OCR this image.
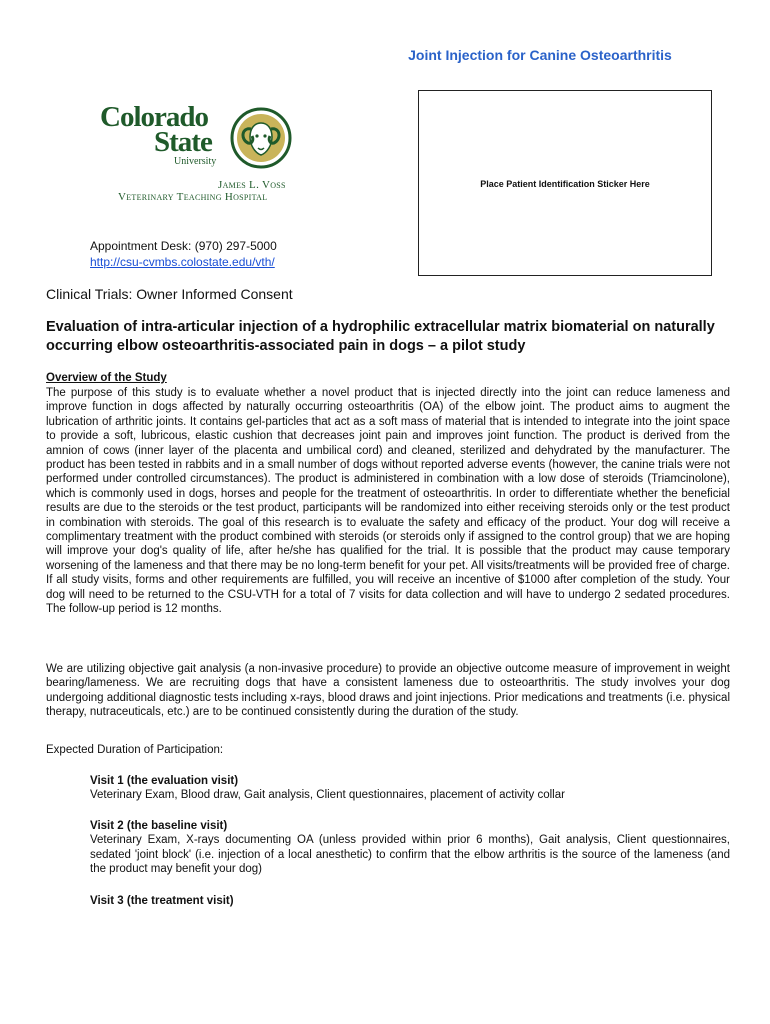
Joint Injection for Canine Osteoarthritis
Colorado
State
University
James L. Voss
Veterinary Teaching Hospital
Place Patient Identification Sticker Here
Appointment Desk: (970) 297-5000
http://csu-cvmbs.colostate.edu/vth/
Clinical Trials: Owner Informed Consent
Evaluation of intra-articular injection of a hydrophilic extracellular matrix biomaterial on naturally occurring elbow osteoarthritis-associated pain in dogs – a pilot study
Overview of the Study
The purpose of this study is to evaluate whether a novel product that is injected directly into the joint can reduce lameness and improve function in dogs affected by naturally occurring osteoarthritis (OA) of the elbow joint. The product aims to augment the lubrication of arthritic joints. It contains gel-particles that act as a soft mass of material that is intended to integrate into the joint space to provide a soft, lubricous, elastic cushion that decreases joint pain and improves joint function. The product is derived from the amnion of cows (inner layer of the placenta and umbilical cord) and cleaned, sterilized and dehydrated by the manufacturer. The product has been tested in rabbits and in a small number of dogs without reported adverse events (however, the canine trials were not performed under controlled circumstances). The product is administered in combination with a low dose of steroids (Triamcinolone), which is commonly used in dogs, horses and people for the treatment of osteoarthritis. In order to differentiate whether the beneficial results are due to the steroids or the test product, participants will be randomized into either receiving steroids only or the test product in combination with steroids. The goal of this research is to evaluate the safety and efficacy of the product. Your dog will receive a complimentary treatment with the product combined with steroids (or steroids only if assigned to the control group) that we are hoping will improve your dog's quality of life, after he/she has qualified for the trial. It is possible that the product may cause temporary worsening of the lameness and that there may be no long-term benefit for your pet. All visits/treatments will be provided free of charge. If all study visits, forms and other requirements are fulfilled, you will receive an incentive of $1000 after completion of the study. Your dog will need to be returned to the CSU-VTH for a total of 7 visits for data collection and will have to undergo 2 sedated procedures. The follow-up period is 12 months.
We are utilizing objective gait analysis (a non-invasive procedure) to provide an objective outcome measure of improvement in weight bearing/lameness. We are recruiting dogs that have a consistent lameness due to osteoarthritis. The study involves your dog undergoing additional diagnostic tests including x-rays, blood draws and joint injections. Prior medications and treatments (i.e. physical therapy, nutraceuticals, etc.) are to be continued consistently during the duration of the study.
Expected Duration of Participation:
Visit 1 (the evaluation visit)
Veterinary Exam, Blood draw, Gait analysis, Client questionnaires, placement of activity collar
Visit 2 (the baseline visit)
Veterinary Exam, X-rays documenting OA (unless provided within prior 6 months), Gait analysis, Client questionnaires, sedated 'joint block' (i.e. injection of a local anesthetic) to confirm that the elbow arthritis is the source of the lameness (and the product may benefit your dog)
Visit 3 (the treatment visit)
